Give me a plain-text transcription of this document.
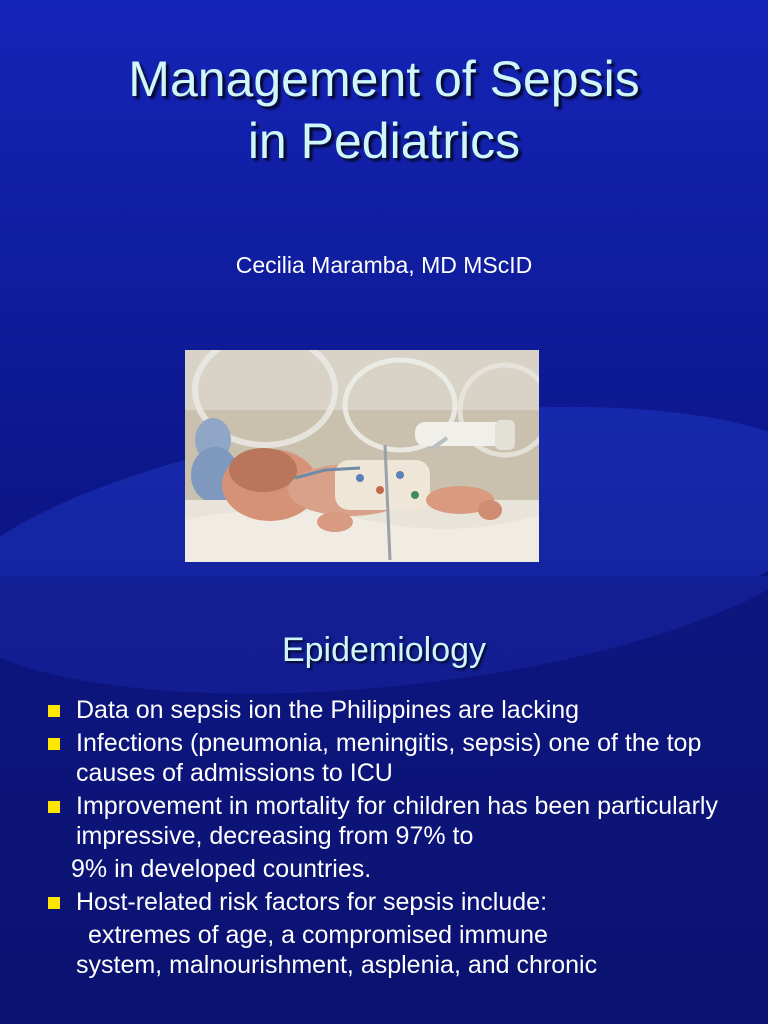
Management of Sepsis
in Pediatrics
Cecilia Maramba, MD MScID
Epidemiology
Data on sepsis ion the Philippines are lacking
Infections (pneumonia, meningitis, sepsis) one of the top causes of admissions to ICU
Improvement in mortality for children has been particularly impressive, decreasing from 97% to
9% in developed countries.
Host-related risk factors for sepsis include:
extremes of age, a compromised immune
system, malnourishment, asplenia, and chronic
